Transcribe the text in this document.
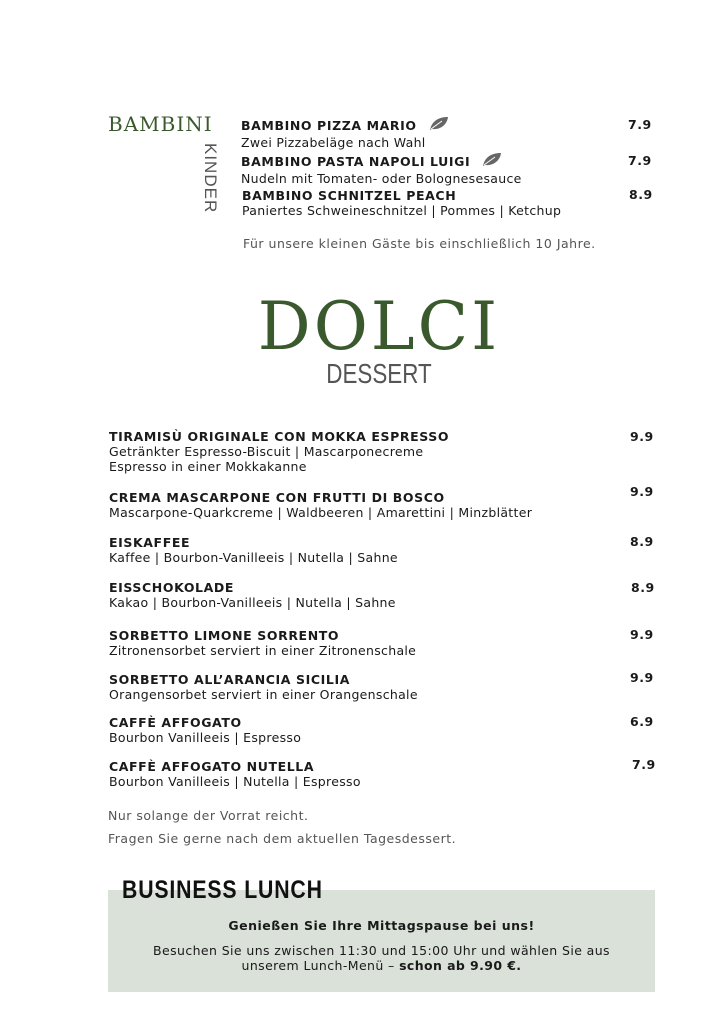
BAMBINI
KINDER
BAMBINO PIZZA MARIO
Zwei Pizzabeläge nach Wahl
7.9
BAMBINO PASTA NAPOLI LUIGI
Nudeln mit Tomaten- oder Bolognesesauce
7.9
BAMBINO SCHNITZEL PEACH
Paniertes Schweineschnitzel | Pommes | Ketchup
8.9
Für unsere kleinen Gäste bis einschließlich 10 Jahre.
DOLCI
DESSERT
TIRAMISÙ ORIGINALE CON MOKKA ESPRESSO
Getränkter Espresso-Biscuit | Mascarponecreme
Espresso in einer Mokkakanne
9.9
CREMA MASCARPONE CON FRUTTI DI BOSCO
Mascarpone-Quarkcreme | Waldbeeren | Amarettini | Minzblätter
9.9
EISKAFFEE
Kaffee | Bourbon-Vanilleeis | Nutella | Sahne
8.9
EISSCHOKOLADE
Kakao | Bourbon-Vanilleeis | Nutella | Sahne
8.9
SORBETTO LIMONE SORRENTO
Zitronensorbet serviert in einer Zitronenschale
9.9
SORBETTO ALL’ARANCIA SICILIA
Orangensorbet serviert in einer Orangenschale
9.9
CAFFÈ AFFOGATO
Bourbon Vanilleeis | Espresso
6.9
CAFFÈ AFFOGATO NUTELLA
Bourbon Vanilleeis | Nutella | Espresso
7.9
Nur solange der Vorrat reicht.
Fragen Sie gerne nach dem aktuellen Tagesdessert.
BUSINESS LUNCH
Genießen Sie Ihre Mittagspause bei uns!
Besuchen Sie uns zwischen 11:30 und 15:00 Uhr und wählen Sie aus
unserem Lunch-Menü – schon ab 9.90 €.
